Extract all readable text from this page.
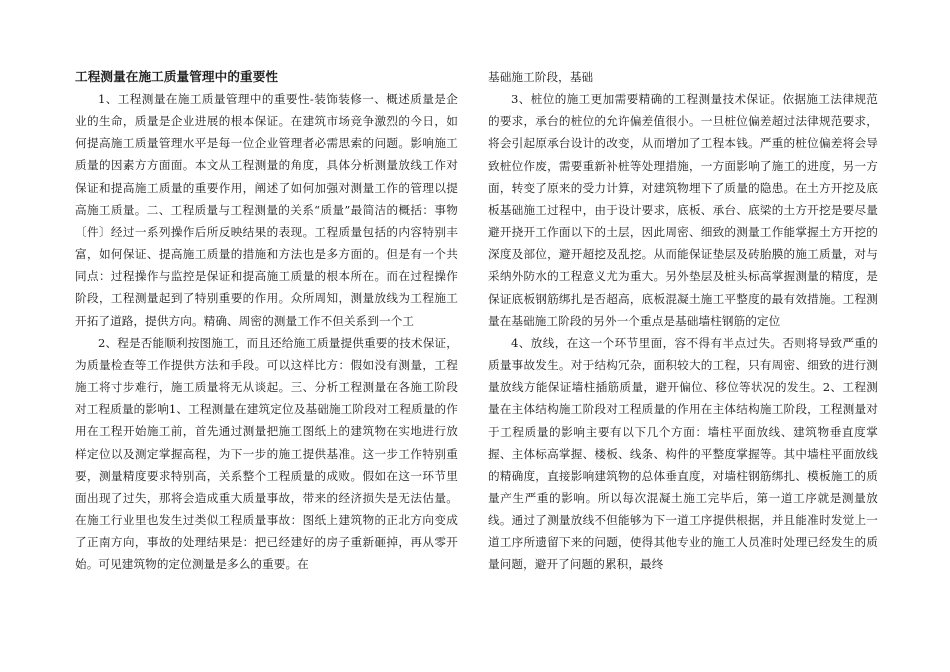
工程测量在施工质量管理中的重要性

1、工程测量在施工质量管理中的重要性-装饰装修一、概述质量是企业的生命，质量是企业进展的根本保证。在建筑市场竞争激烈的今日，如何提高施工质量管理水平是每一位企业管理者必需思索的问题。影响施工质量的因素方方面面。本文从工程测量的角度，具体分析测量放线工作对保证和提高施工质量的重要作用，阐述了如何加强对测量工作的管理以提高施工质量。二、工程质量与工程测量的关系“质量”最简洁的概括：事物〔件〕经过一系列操作后所反映结果的表现。工程质量包括的内容特别丰富，如何保证、提高施工质量的措施和方法也是多方面的。但是有一个共同点：过程操作与监控是保证和提高施工质量的根本所在。而在过程操作阶段，工程测量起到了特别重要的作用。众所周知，测量放线为工程施工开拓了道路，提供方向。精确、周密的测量工作不但关系到一个工

2、程是否能顺利按图施工，而且还给施工质量提供重要的技术保证，为质量检查等工作提供方法和手段。可以这样比方：假如没有测量，工程施工将寸步难行，施工质量将无从谈起。三、分析工程测量在各施工阶段对工程质量的影响1、工程测量在建筑定位及基础施工阶段对工程质量的作用在工程开始施工前，首先通过测量把施工图纸上的建筑物在实地进行放样定位以及测定掌握高程，为下一步的施工提供基准。这一步工作特别重要，测量精度要求特别高，关系整个工程质量的成败。假如在这一环节里面出现了过失，那将会造成重大质量事故，带来的经济损失是无法估量。在施工行业里也发生过类似工程质量事故：图纸上建筑物的正北方向变成了正南方向，事故的处理结果是：把已经建好的房子重新砸掉，再从零开始。可见建筑物的定位测量是多么的重要。在

基础施工阶段，基础

3、桩位的施工更加需要精确的工程测量技术保证。依据施工法律规范的要求，承台的桩位的允许偏差值很小。一旦桩位偏差超过法律规范要求，将会引起原承台设计的改变，从而增加了工程本钱。严重的桩位偏差将会导致桩位作废，需要重新补桩等处理措施，一方面影响了施工的进度，另一方面，转变了原来的受力计算，对建筑物埋下了质量的隐患。在土方开挖及底板基础施工过程中，由于设计要求，底板、承台、底梁的土方开挖是要尽量避开挠开工作面以下的土层，因此周密、细致的测量工作能掌握土方开挖的深度及部位，避开超挖及乱挖。从而能保证垫层及砖胎膜的施工质量，对与采纳外防水的工程意义尤为重大。另外垫层及桩头标高掌握测量的精度，是保证底板钢筋绑扎是否超高，底板混凝土施工平整度的最有效措施。工程测量在基础施工阶段的另外一个重点是基础墙柱钢筋的定位

4、放线，在这一个环节里面，容不得有半点过失。否则将导致严重的质量事故发生。对于结构冗杂，面积较大的工程，只有周密、细致的进行测量放线方能保证墙柱插筋质量，避开偏位、移位等状况的发生。2、工程测量在主体结构施工阶段对工程质量的作用在主体结构施工阶段，工程测量对于工程质量的影响主要有以下几个方面：墙柱平面放线、建筑物垂直度掌握、主体标高掌握、楼板、线条、构件的平整度掌握等。其中墙柱平面放线的精确度，直接影响建筑物的总体垂直度，对墙柱钢筋绑扎、模板施工的质量产生严重的影响。所以每次混凝土施工完毕后，第一道工序就是测量放线。通过了测量放线不但能够为下一道工序提供根据，并且能准时发觉上一道工序所遗留下来的问题，使得其他专业的施工人员准时处理已经发生的质量问题，避开了问题的累积，最终
